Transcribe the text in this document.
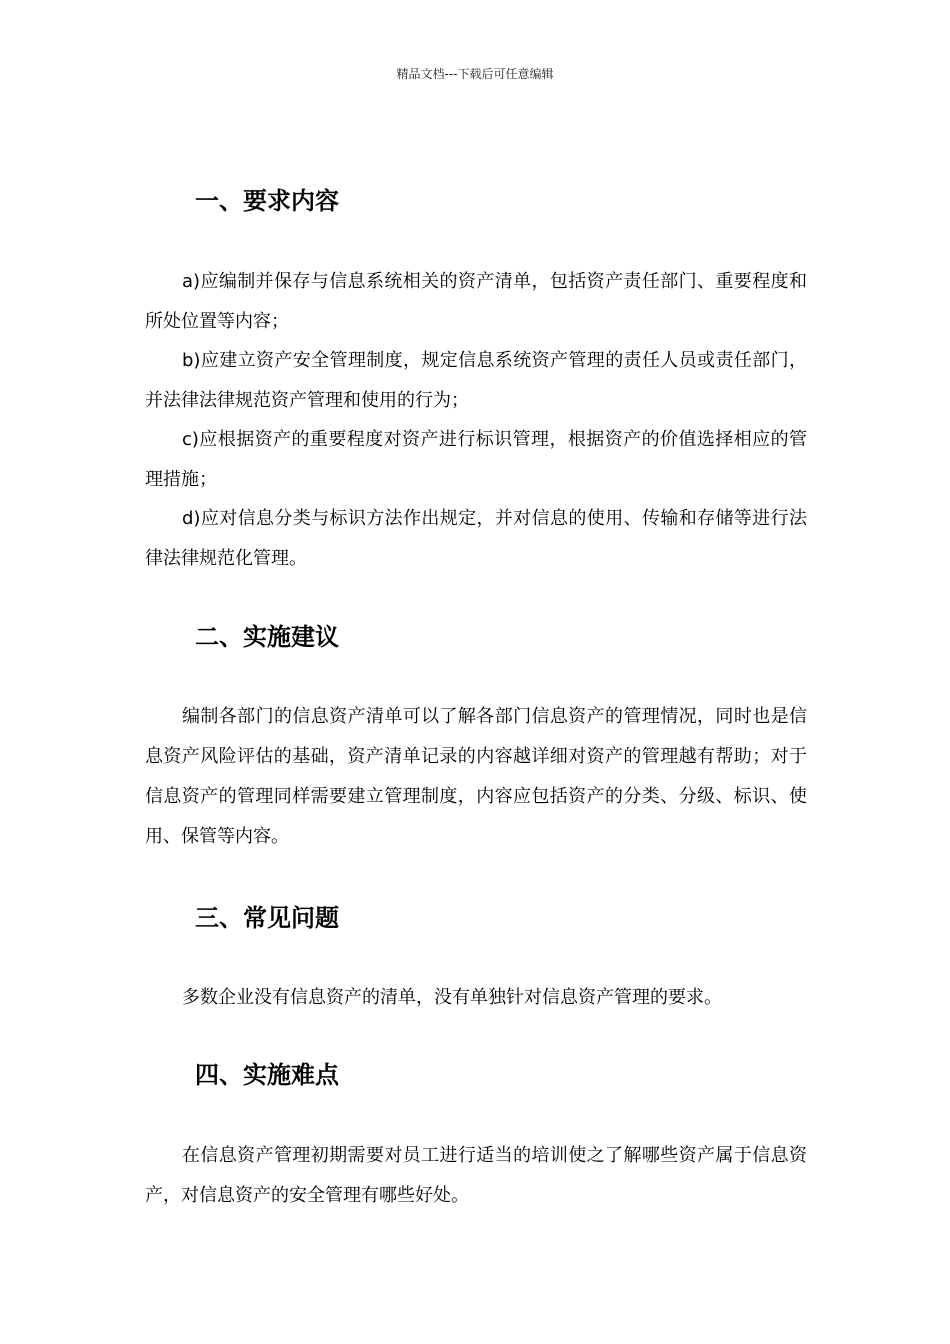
精品文档---下载后可任意编辑
一、要求内容

a)应编制并保存与信息系统相关的资产清单，包括资产责任部门、重要程度和所处位置等内容；

b)应建立资产安全管理制度，规定信息系统资产管理的责任人员或责任部门，并法律法律规范资产管理和使用的行为；

c)应根据资产的重要程度对资产进行标识管理，根据资产的价值选择相应的管理措施；

d)应对信息分类与标识方法作出规定，并对信息的使用、传输和存储等进行法律法律规范化管理。

二、实施建议

编制各部门的信息资产清单可以了解各部门信息资产的管理情况，同时也是信息资产风险评估的基础，资产清单记录的内容越详细对资产的管理越有帮助；对于信息资产的管理同样需要建立管理制度，内容应包括资产的分类、分级、标识、使用、保管等内容。

三、常见问题

多数企业没有信息资产的清单，没有单独针对信息资产管理的要求。

四、实施难点

在信息资产管理初期需要对员工进行适当的培训使之了解哪些资产属于信息资产，对信息资产的安全管理有哪些好处。
